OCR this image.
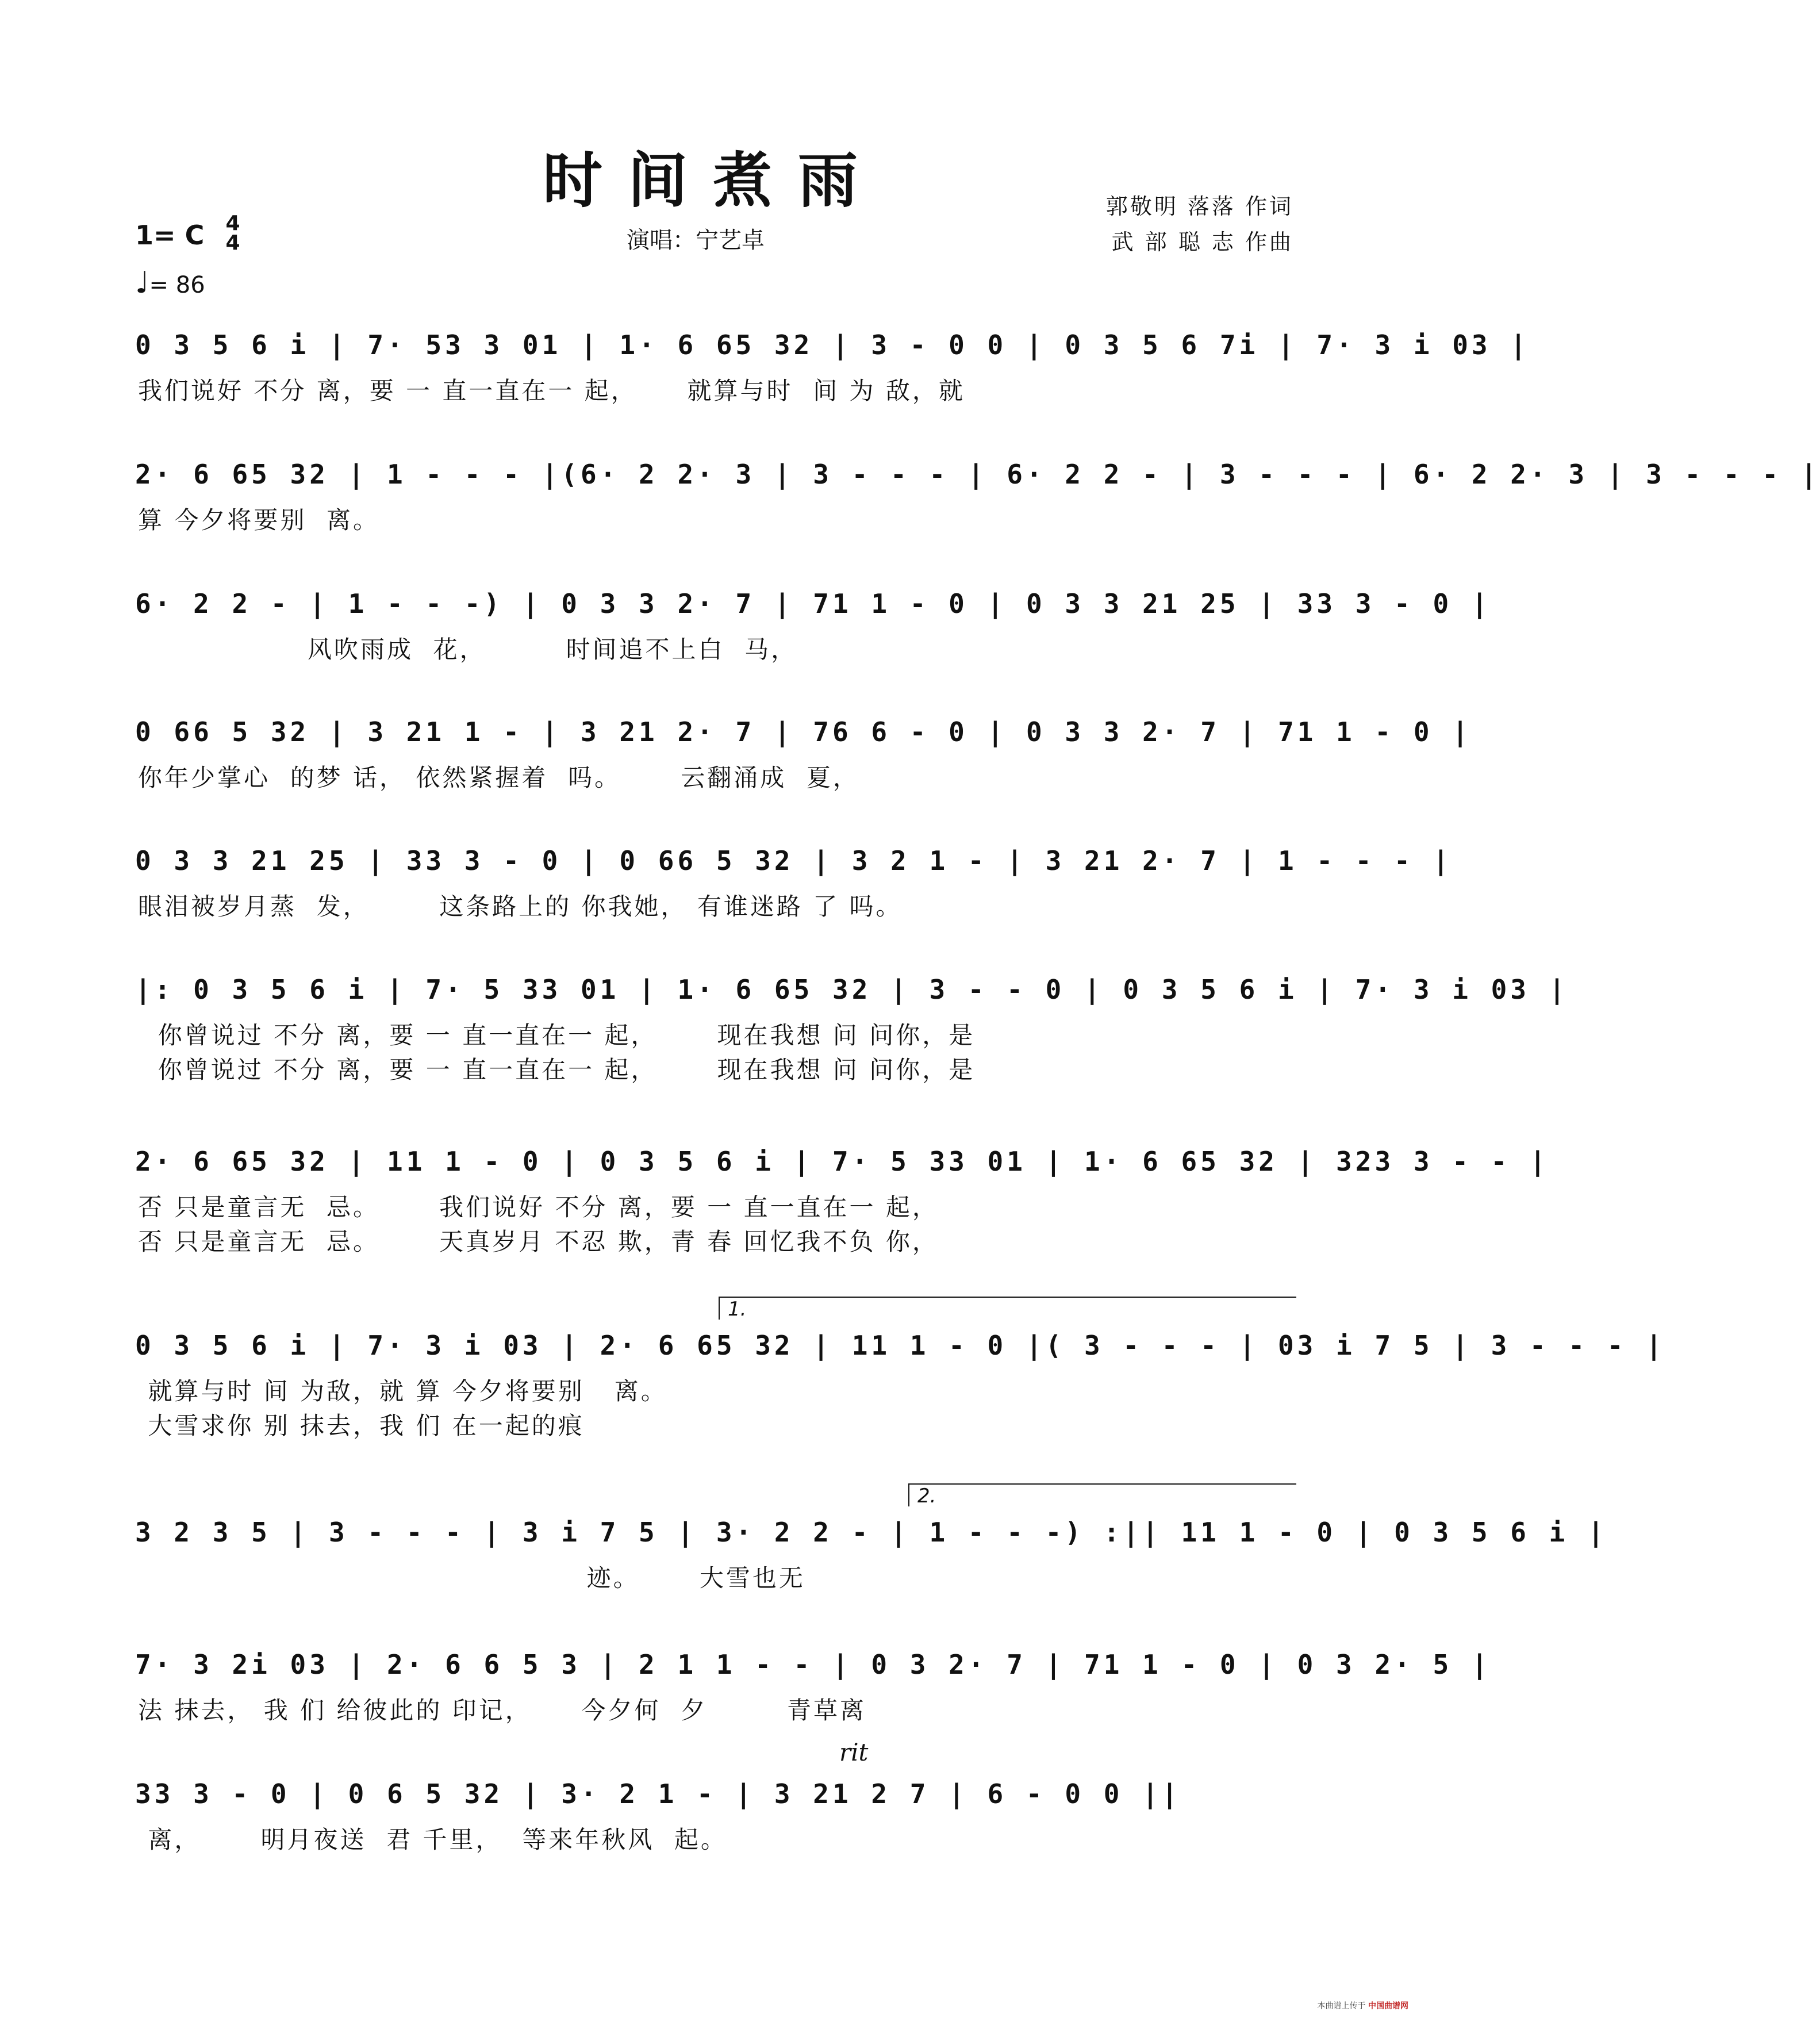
时间煮雨	郭敬明 落落 作词
武 部 聪 志 作曲
演唱：宁艺卓
1= C 4
4
♩= 86
0 3 5 6 i | 7· 53 3 01 | 1· 6 65 32 | 3 - 0 0 | 0 3 5 6 7i | 7· 3 i 03 |
我们说好 不分 离，要 一 直一直在一 起，     就算与时  间 为 敌，就
2· 6 65 32 | 1 - - - |(6· 2 2· 3 | 3 - - - | 6· 2 2 - | 3 - - - | 6· 2 2· 3 | 3 - - - |
算 今夕将要别  离。
6· 2 2 - | 1 - - -) | 0 3 3 2· 7 | 71 1 - 0 | 0 3 3 21 25 | 33 3 - 0 |
风吹雨成  花，        时间追不上白  马，
0 66 5 32 | 3 21 1 - | 3 21 2· 7 | 76 6 - 0 | 0 3 3 2· 7 | 71 1 - 0 |
你年少掌心  的梦 话， 依然紧握着  吗。      云翻涌成  夏，
0 3 3 21 25 | 33 3 - 0 | 0 66 5 32 | 3 2 1 - | 3 21 2· 7 | 1 - - - |
眼泪被岁月蒸  发，       这条路上的 你我她， 有谁迷路 了 吗。
|: 0 3 5 6 i | 7· 5 33 01 | 1· 6 65 32 | 3 - - 0 | 0 3 5 6 i | 7· 3 i 03 |
你曾说过 不分 离，要 一 直一直在一 起，      现在我想 问 问你，是
你曾说过 不分 离，要 一 直一直在一 起，      现在我想 问 问你，是
2· 6 65 32 | 11 1 - 0 | 0 3 5 6 i | 7· 5 33 01 | 1· 6 65 32 | 323 3 - - |
否 只是童言无  忌。      我们说好 不分 离，要 一 直一直在一 起，
否 只是童言无  忌。      天真岁月 不忍 欺，青 春 回忆我不负 你，
1.
0 3 5 6 i | 7· 3 i 03 | 2· 6 65 32 | 11 1 - 0 |( 3 - - - | 03 i 7 5 | 3 - - - |
就算与时 间 为敌，就 算 今夕将要别   离。
大雪求你 别 抹去，我 们 在一起的痕
2.
3 2 3 5 | 3 - - - | 3 i 7 5 | 3· 2 2 - | 1 - - -) :|| 11 1 - 0 | 0 3 5 6 i |
迹。      大雪也无
7· 3 2i 03 | 2· 6 6 5 3 | 2 1 1 - - | 0 3 2· 7 | 71 1 - 0 | 0 3 2· 5 |
法 抹去， 我 们 给彼此的 印记，     今夕何  夕        青草离
rit
33 3 - 0 | 0 6 5 32 | 3· 2 1 - | 3 21 2 7 | 6 - 0 0 ||
离，      明月夜送  君 千里，  等来年秋风  起。
本曲谱上传于 中国曲谱网
